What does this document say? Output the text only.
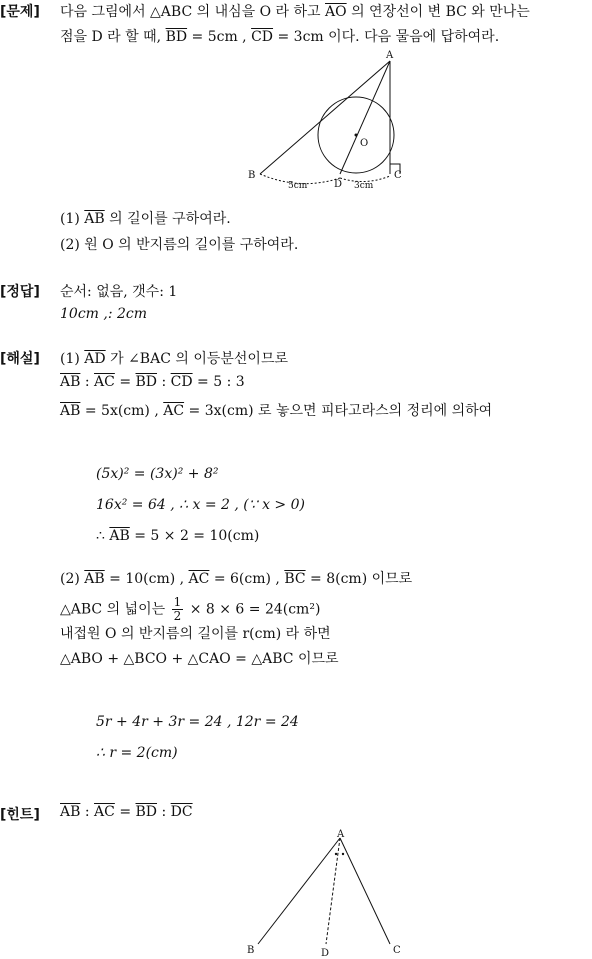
[문제] 다음 그림에서 △ABC 의 내심을 O 라 하고 $\overline{AO}$ 의 연장선이 변 BC 와 만나는
점을 D 라 할 때, $\overline{BD} = 5cm$ , $\overline{CD} = 3cm$ 이다. 다음 물음에 답하여라.
A
B	C
D
O
5cm	3cm
(1) $\overline{AB}$ 의 길이를 구하여라.
(2) 원 O 의 반지름의 길이를 구하여라.
[정답] 순서: 없음, 갯수: 1
10cm ,: 2cm
[해설] (1) $\overline{AD}$ 가 ∠BAC 의 이등분선이므로
$\overline{AB}$ : $\overline{AC} = \overline{BD}$ : $\overline{CD} = 5$ : 3
$\overline{AB} = 5x(cm)$ , $\overline{AC} = 3x(cm)$ 로 놓으면 피타고라스의 정리에 의하여
(5x)² = (3x)² + 8²
16x² = 64 , ∴ x = 2 , (∵ x > 0)
∴ $\overline{AB} = 5 \times 2 = 10(cm)$
(2) $\overline{AB} = 10(cm)$ , $\overline{AC} = 6(cm)$ , $\overline{BC} = 8(cm)$ 이므로
△ABC 의 넓이는 $\frac{1}{2} \times 8 \times 6 = 24(cm^2)$
내접원 O 의 반지름의 길이를 r(cm) 라 하면
△ABO + △BCO + △CAO = △ABC 이므로
5r + 4r + 3r = 24 , 12r = 24
∴ r = 2(cm)
[힌트] $\overline{AB}$ : $\overline{AC} = \overline{BD}$ : $\overline{DC}$
A
B	C
D
